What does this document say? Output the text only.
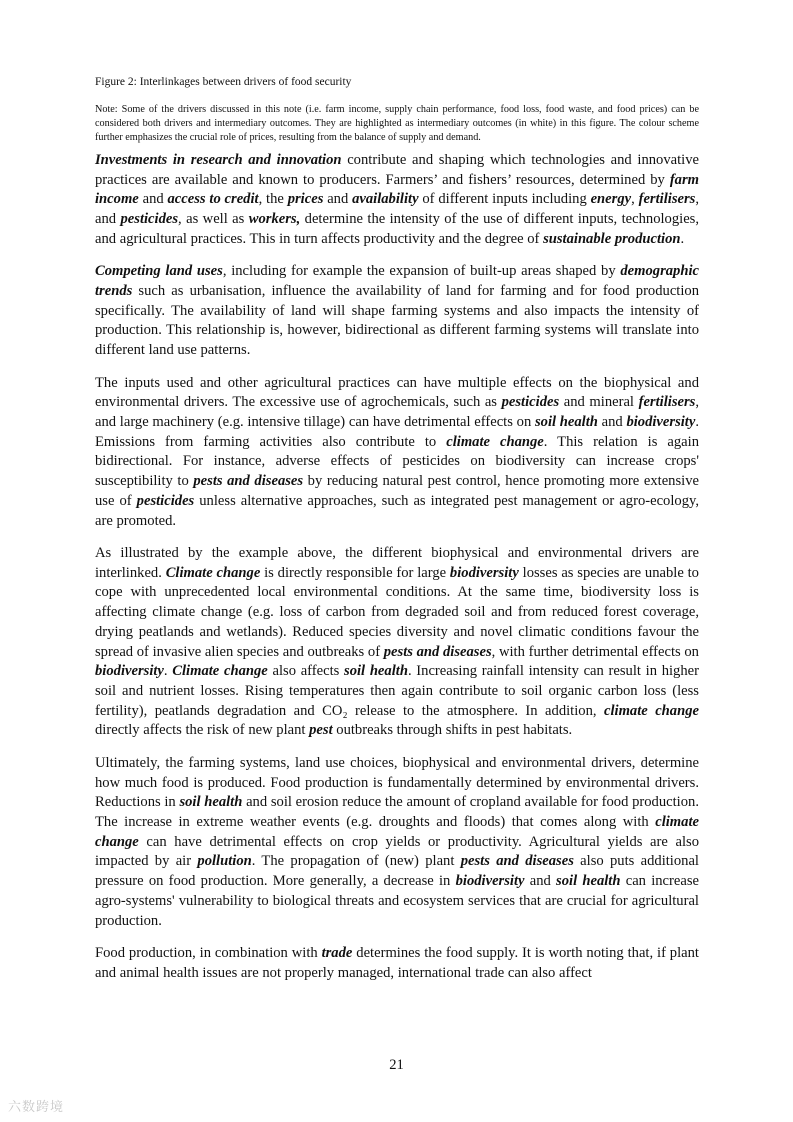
Figure 2: Interlinkages between drivers of food security
Note: Some of the drivers discussed in this note (i.e. farm income, supply chain performance, food loss, food waste, and food prices) can be considered both drivers and intermediary outcomes. They are highlighted as intermediary outcomes (in white) in this figure. The colour scheme further emphasizes the crucial role of prices, resulting from the balance of supply and demand.

Investments in research and innovation contribute and shaping which technologies and innovative practices are available and known to producers. Farmers’ and fishers’ resources, determined by farm income and access to credit, the prices and availability of different inputs including energy, fertilisers, and pesticides, as well as workers, determine the intensity of the use of different inputs, technologies, and agricultural practices. This in turn affects productivity and the degree of sustainable production.

Competing land uses, including for example the expansion of built-up areas shaped by demographic trends such as urbanisation, influence the availability of land for farming and for food production specifically. The availability of land will shape farming systems and also impacts the intensity of production. This relationship is, however, bidirectional as different farming systems will translate into different land use patterns.

The inputs used and other agricultural practices can have multiple effects on the biophysical and environmental drivers. The excessive use of agrochemicals, such as pesticides and mineral fertilisers, and large machinery (e.g. intensive tillage) can have detrimental effects on soil health and biodiversity. Emissions from farming activities also contribute to climate change. This relation is again bidirectional. For instance, adverse effects of pesticides on biodiversity can increase crops' susceptibility to pests and diseases by reducing natural pest control, hence promoting more extensive use of pesticides unless alternative approaches, such as integrated pest management or agro-ecology, are promoted.

As illustrated by the example above, the different biophysical and environmental drivers are interlinked. Climate change is directly responsible for large biodiversity losses as species are unable to cope with unprecedented local environmental conditions. At the same time, biodiversity loss is affecting climate change (e.g. loss of carbon from degraded soil and from reduced forest coverage, drying peatlands and wetlands). Reduced species diversity and novel climatic conditions favour the spread of invasive alien species and outbreaks of pests and diseases, with further detrimental effects on biodiversity. Climate change also affects soil health. Increasing rainfall intensity can result in higher soil and nutrient losses. Rising temperatures then again contribute to soil organic carbon loss (less fertility), peatlands degradation and CO₂ release to the atmosphere. In addition, climate change directly affects the risk of new plant pest outbreaks through shifts in pest habitats.

Ultimately, the farming systems, land use choices, biophysical and environmental drivers, determine how much food is produced. Food production is fundamentally determined by environmental drivers. Reductions in soil health and soil erosion reduce the amount of cropland available for food production. The increase in extreme weather events (e.g. droughts and floods) that comes along with climate change can have detrimental effects on crop yields or productivity. Agricultural yields are also impacted by air pollution. The propagation of (new) plant pests and diseases also puts additional pressure on food production. More generally, a decrease in biodiversity and soil health can increase agro-systems' vulnerability to biological threats and ecosystem services that are crucial for agricultural production.

Food production, in combination with trade determines the food supply. It is worth noting that, if plant and animal health issues are not properly managed, international trade can also affect

21
六数跨境
